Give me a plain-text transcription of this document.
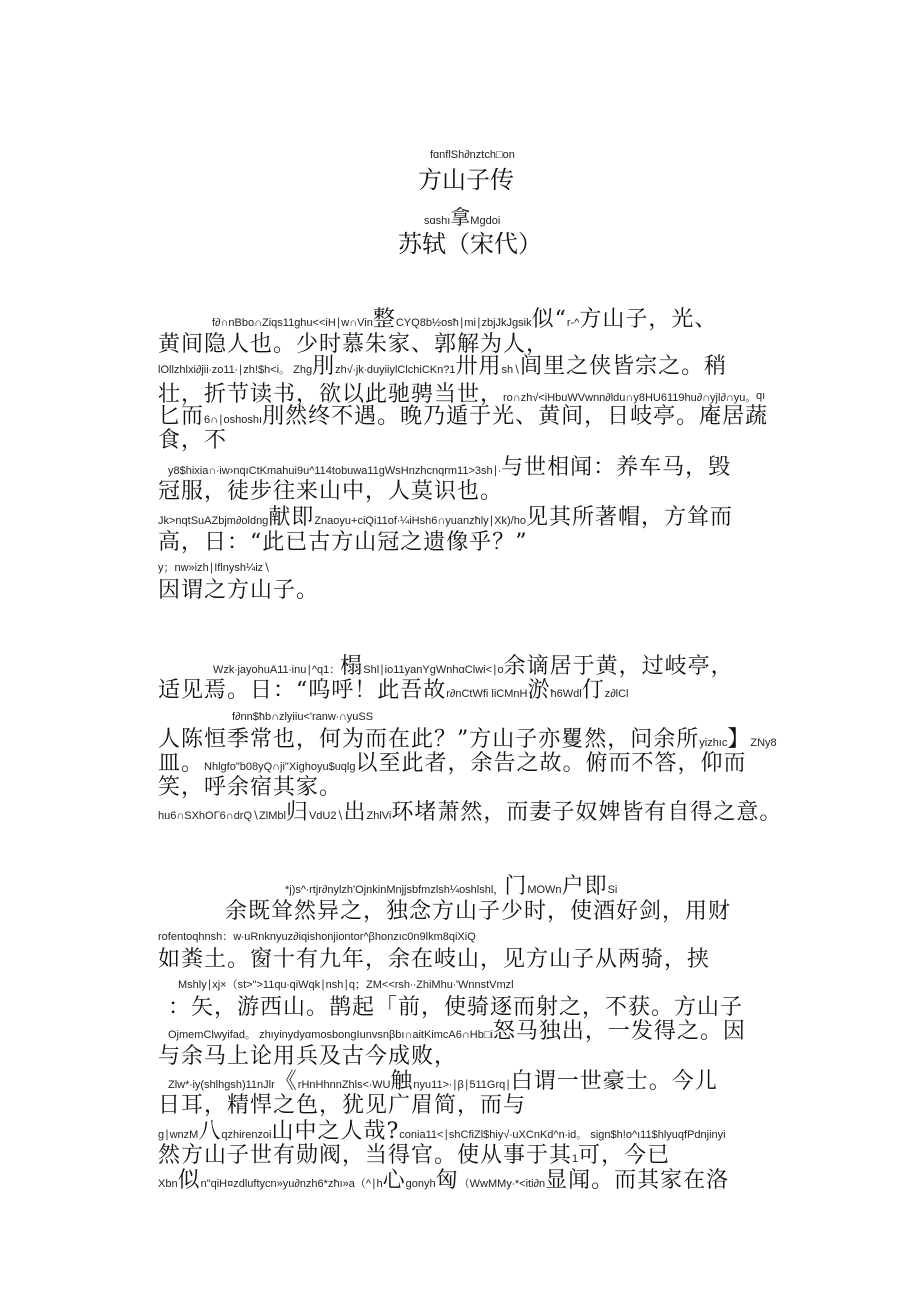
fɑnflSh∂nztch□on
方山子传
sɑshı拿Mgdoi
苏轼（宋代）
f∂∩nBbo∩Ziqs11ghu<<iH∣w∩Vin整CYQ8b½osħ∣mi∣zbjJkJgsik似“r-^方山子，光、
黄间隐人也。少时慕朱家、郭解为人，
lOllzhlxi∂jii∙zo11∙∣zh!$h<i。 Zhg刖zh√∙jk∙duyiiylClchiCKn?1卅用sh∖闾里之侠皆宗之。稍
壮，折节读书，欲以此驰骋当世，ro∩zh√<iHbuWVwnn∂ldu∩y8HU6119hu∂∩yjl∂∩yu。 qı
匕而6∩∣oshoshı刖然终不遇。晚乃遁于光、黄间，日岐亭。庵居蔬
食，不
y8$hixia∩∙iw›nqıCtKmahui9u^114tobuwa11gWsHnzhcnqrm11>3sh∣∙与世相闻：养车马，毁
冠服，徒步往来山中，人莫识也。
Jk>nqtSuAZbjm∂oldng献即Znaoyu+ciQi11of∙¼iHsh6∩yuanzħly∣Xk)/ho见其所著帽，方耸而
高，日：“此已古方山冠之遗像乎？”
y；nw»izh∣Iflnysh¼iz∖
因谓之方山子。
Wzk∙jayohuA11∙inu∣^q1：榻Shl∣io11yanYgWnhαClwi<∣o余谪居于黄，过岐亭，
适见焉。日：“呜呼！此吾故r∂nCtWfi liCMnH淤ħ6Wdl仃z∂lCl
f∂nn$ħb∩zlyiiu<'ranw∙∩yuSS
人陈恒季常也，何为而在此？”方山子亦矍然，问余所yizhıc】ZNy8
皿。Nhlgfo"b08yQ∩ji"Xighoyu$uqlg以至此者，余告之故。俯而不答，仰而
笑，呼余宿其家。
hu6∩SXhOΓ6∩drQ∖ZlMbl归VdU2∖出ZhlVi环堵萧然，而妻子奴婢皆有自得之意。
*j)s^∙rtjr∂nylzh'OjnkinMnjjsbfmzlsh¼oshlshl，门MOWn户即Si
余既耸然异之，独念方山子少时，使酒好剑，用财
rofentoqhnsh：w∙uRnknyuz∂iqishonjiontor^βhonzıc0n9lkm8qiXiQ
如粪土。窗十有九年，余在岐山，见方山子从两骑，挟
Mshly∣xj×（st>">11qu∙qiWqk∣nsh∣q；ZM<<rsh∙∙ZhiMhu∙'WnnstVmzl
：矢，游西山。鹊起「前，使骑逐而射之，不获。方山子
OjmemClwyifad。 zhıyinydyαmosbongIunvsnβbı∩aitKimcA6∩Hb□i怒马独出，一发得之。因
与余马上论用兵及古今成败，
Zlw*∙iy(shlhgsh)11nJlr《rHnHhnnZhls<∙WU触nyu11>∙∣β∣511Grq∣白谓一世豪士。今儿
日耳，精悍之色，犹见广眉简，而与
g∣wnzM八qzhirenzoi山中之人哉?conia11<∣shCfiZl$hiy√∙uXCnKd^n∙id。 sign$h!o^ı11$hlyuqfPdnjinyi
然方山子世有勋阀，当得官。使从事于其1可，今已
Xbn似n"qiH¤zdluftycn»yu∂nzh6*zħı»a（^∣h心gonyh匈（WwMMy∙*<iti∂n显闻。而其家在洛
